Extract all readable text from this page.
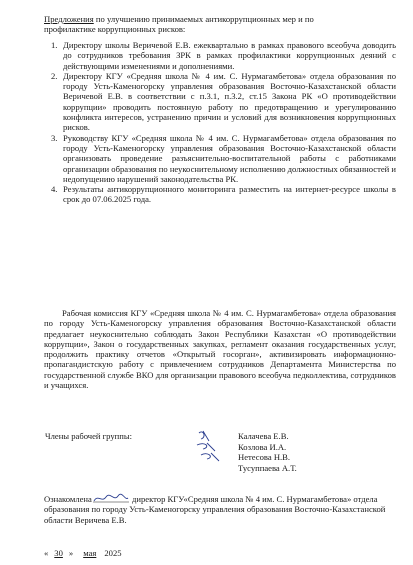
Предложения по улучшению принимаемых антикоррупционных мер и по
профилактике коррупционных рисков:
1. Директору школы Веричевой Е.В. ежеквартально в рамках правового всеобуча доводить до сотрудников требования ЗРК в рамках профилактики коррупционных деяний с действующими изменениями и дополнениями.
2. Директору КГУ «Средняя школа № 4 им. С. Нурмагамбетова» отдела образования по городу Усть-Каменогорску управления образования Восточно-Казахстанской области Веричевой Е.В. в соответствии с п.3.1, п.3.2, ст.15 Закона РК «О противодействии коррупции» проводить постоянную работу по предотвращению и урегулированию конфликта интересов, устранению причин и условий для возникновения коррупционных рисков.
3. Руководству КГУ «Средняя школа № 4 им. С. Нурмагамбетова» отдела образования по городу Усть-Каменогорску управления образования Восточно-Казахстанской области организовать проведение разъяснительно-воспитательной работы с работниками организации образования по неукоснительному исполнению должностных обязанностей и недопущению нарушений законодательства РК.
4. Результаты антикоррупционного мониторинга разместить на интернет-ресурсе школы в срок до 07.06.2025 года.
Рабочая комиссия КГУ «Средняя школа № 4 им. С. Нурмагамбетова» отдела образования по городу Усть-Каменогорску управления образования Восточно-Казахстанской области предлагает неукоснительно соблюдать Закон Республики Казахстан «О противодействии коррупции», Закон о государственных закупках, регламент оказания государственных услуг, продолжить практику отчетов «Открытый госорган», активизировать информационно-пропагандистскую работу с привлечением сотрудников Департамента Министерства по государственной службе ВКО для организации правового всеобуча педколлектива, сотрудников и учащихся.
Члены рабочей группы:	Калачева Е.В.
Козлова И.А.
Нетесова Н.В.
Тусуппаева А.Т.
Ознакомлена	директор КГУ«Средняя школа № 4 им. С. Нурмагамбетова» отдела образования по городу Усть-Каменогорску управления образования Восточно-Казахстанской области Веричева Е.В.
« 30 » мая 2025
